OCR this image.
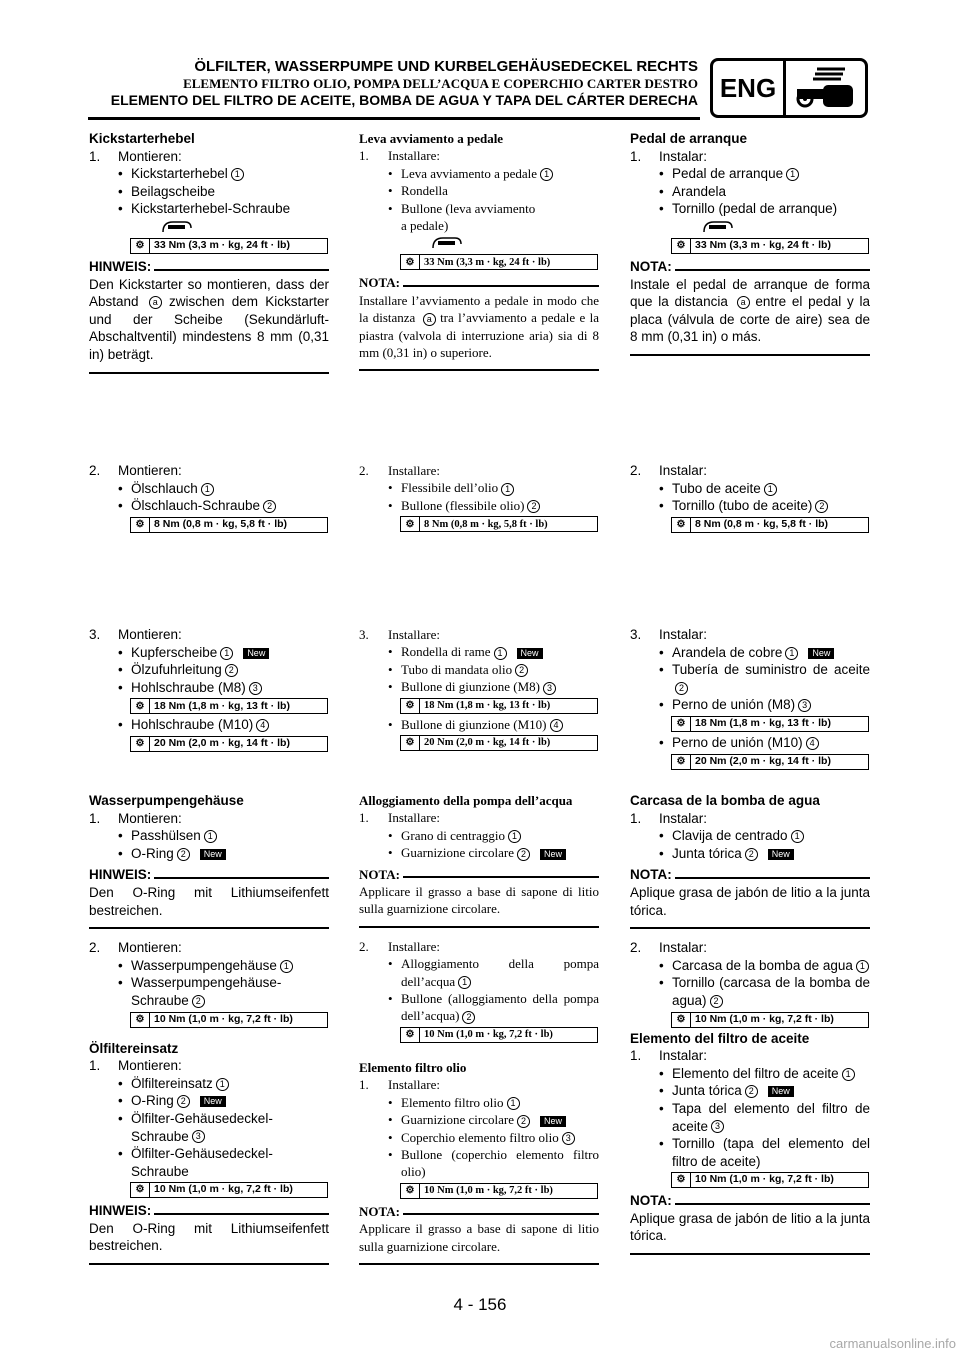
ÖLFILTER, WASSERPUMPE UND KURBELGEHÄUSEDECKEL RECHTS
ELEMENTO FILTRO OLIO, POMPA DELL’ACQUA E COPERCHIO CARTER DESTRO
ELEMENTO DEL FILTRO DE ACEITE, BOMBA DE AGUA Y TAPA DEL CÁRTER DERECHA ENG
Kickstarterhebel
1.	Montieren:
• Kickstarterhebel 1
• Beilagscheibe
• Kickstarterhebel-Schraube
⚙ 33 Nm (3,3 m · kg, 24 ft · lb)
HINWEIS:
Den Kickstarter so montieren, dass der Abstand a zwischen dem Kickstarter und der Scheibe (Sekundärluft-Abschaltventil) mindestens 8 mm (0,31 in) beträgt.
2.	Montieren:
• Ölschlauch 1
• Ölschlauch-Schraube 2
⚙ 8 Nm (0,8 m · kg, 5,8 ft · lb)
3.	Montieren:
• Kupferscheibe 1 New
• Ölzufuhrleitung 2
• Hohlschraube (M8) 3
⚙ 18 Nm (1,8 m · kg, 13 ft · lb)
• Hohlschraube (M10) 4
⚙ 20 Nm (2,0 m · kg, 14 ft · lb)
Wasserpumpengehäuse
1.	Montieren:
• Passhülsen 1
• O-Ring 2 New
HINWEIS:
Den O-Ring mit Lithiumseifenfett bestreichen.
2.	Montieren:
• Wasserpumpengehäuse 1
• Wasserpumpengehäuse-Schraube 2
⚙ 10 Nm (1,0 m · kg, 7,2 ft · lb)
Ölfiltereinsatz
1.	Montieren:
• Ölfiltereinsatz 1
• O-Ring 2 New
• Ölfilter-Gehäusedeckel-Schraube 3
• Ölfilter-Gehäusedeckel-Schraube
⚙ 10 Nm (1,0 m · kg, 7,2 ft · lb)
HINWEIS:
Den O-Ring mit Lithiumseifenfett bestreichen.
Leva avviamento a pedale
1.	Installare:
• Leva avviamento a pedale 1
• Rondella
• Bullone (leva avviamento a pedale)
⚙ 33 Nm (3,3 m · kg, 24 ft · lb)
NOTA:
Installare l’avviamento a pedale in modo che la distanza a tra l’avviamento a pedale e la piastra (valvola di interruzione aria) sia di 8 mm (0,31 in) o superiore.
2.	Installare:
• Flessibile dell’olio 1
• Bullone (flessibile olio) 2
⚙ 8 Nm (0,8 m · kg, 5,8 ft · lb)
3.	Installare:
• Rondella di rame 1 New
• Tubo di mandata olio 2
• Bullone di giunzione (M8) 3
⚙ 18 Nm (1,8 m · kg, 13 ft · lb)
• Bullone di giunzione (M10) 4
⚙ 20 Nm (2,0 m · kg, 14 ft · lb)
Alloggiamento della pompa dell’acqua
1.	Installare:
• Grano di centraggio 1
• Guarnizione circolare 2 New
NOTA:
Applicare il grasso a base di sapone di litio sulla guarnizione circolare.
2.	Installare:
• Alloggiamento della pompa dell’acqua 1
• Bullone (alloggiamento della pompa dell’acqua) 2
⚙ 10 Nm (1,0 m · kg, 7,2 ft · lb)
Elemento filtro olio
1.	Installare:
• Elemento filtro olio 1
• Guarnizione circolare 2 New
• Coperchio elemento filtro olio 3
• Bullone (coperchio elemento filtro olio)
⚙ 10 Nm (1,0 m · kg, 7,2 ft · lb)
NOTA:
Applicare il grasso a base di sapone di litio sulla guarnizione circolare.
Pedal de arranque
1.	Instalar:
• Pedal de arranque 1
• Arandela
• Tornillo (pedal de arranque)
⚙ 33 Nm (3,3 m · kg, 24 ft · lb)
NOTA:
Instale el pedal de arranque de forma que la distancia a entre el pedal y la placa (válvula de corte de aire) sea de 8 mm (0,31 in) o más.
2.	Instalar:
• Tubo de aceite 1
• Tornillo (tubo de aceite) 2
⚙ 8 Nm (0,8 m · kg, 5,8 ft · lb)
3.	Instalar:
• Arandela de cobre 1 New
• Tubería de suministro de aceite2
• Perno de unión (M8) 3
⚙ 18 Nm (1,8 m · kg, 13 ft · lb)
• Perno de unión (M10) 4
⚙ 20 Nm (2,0 m · kg, 14 ft · lb)
Carcasa de la bomba de agua
1.	Instalar:
• Clavija de centrado 1
• Junta tórica 2 New
NOTA:
Aplique grasa de jabón de litio a la junta tórica.
2.	Instalar:
• Carcasa de la bomba de agua 1
• Tornillo (carcasa de la bomba de agua) 2
⚙ 10 Nm (1,0 m · kg, 7,2 ft · lb)
Elemento del filtro de aceite
1.	Instalar:
• Elemento del filtro de aceite 1
• Junta tórica 2 New
• Tapa del elemento del filtro de aceite 3
• Tornillo (tapa del elemento del filtro de aceite)
⚙ 10 Nm (1,0 m · kg, 7,2 ft · lb)
NOTA:
Aplique grasa de jabón de litio a la junta tórica.
4 - 156
carmanualsonline.info
